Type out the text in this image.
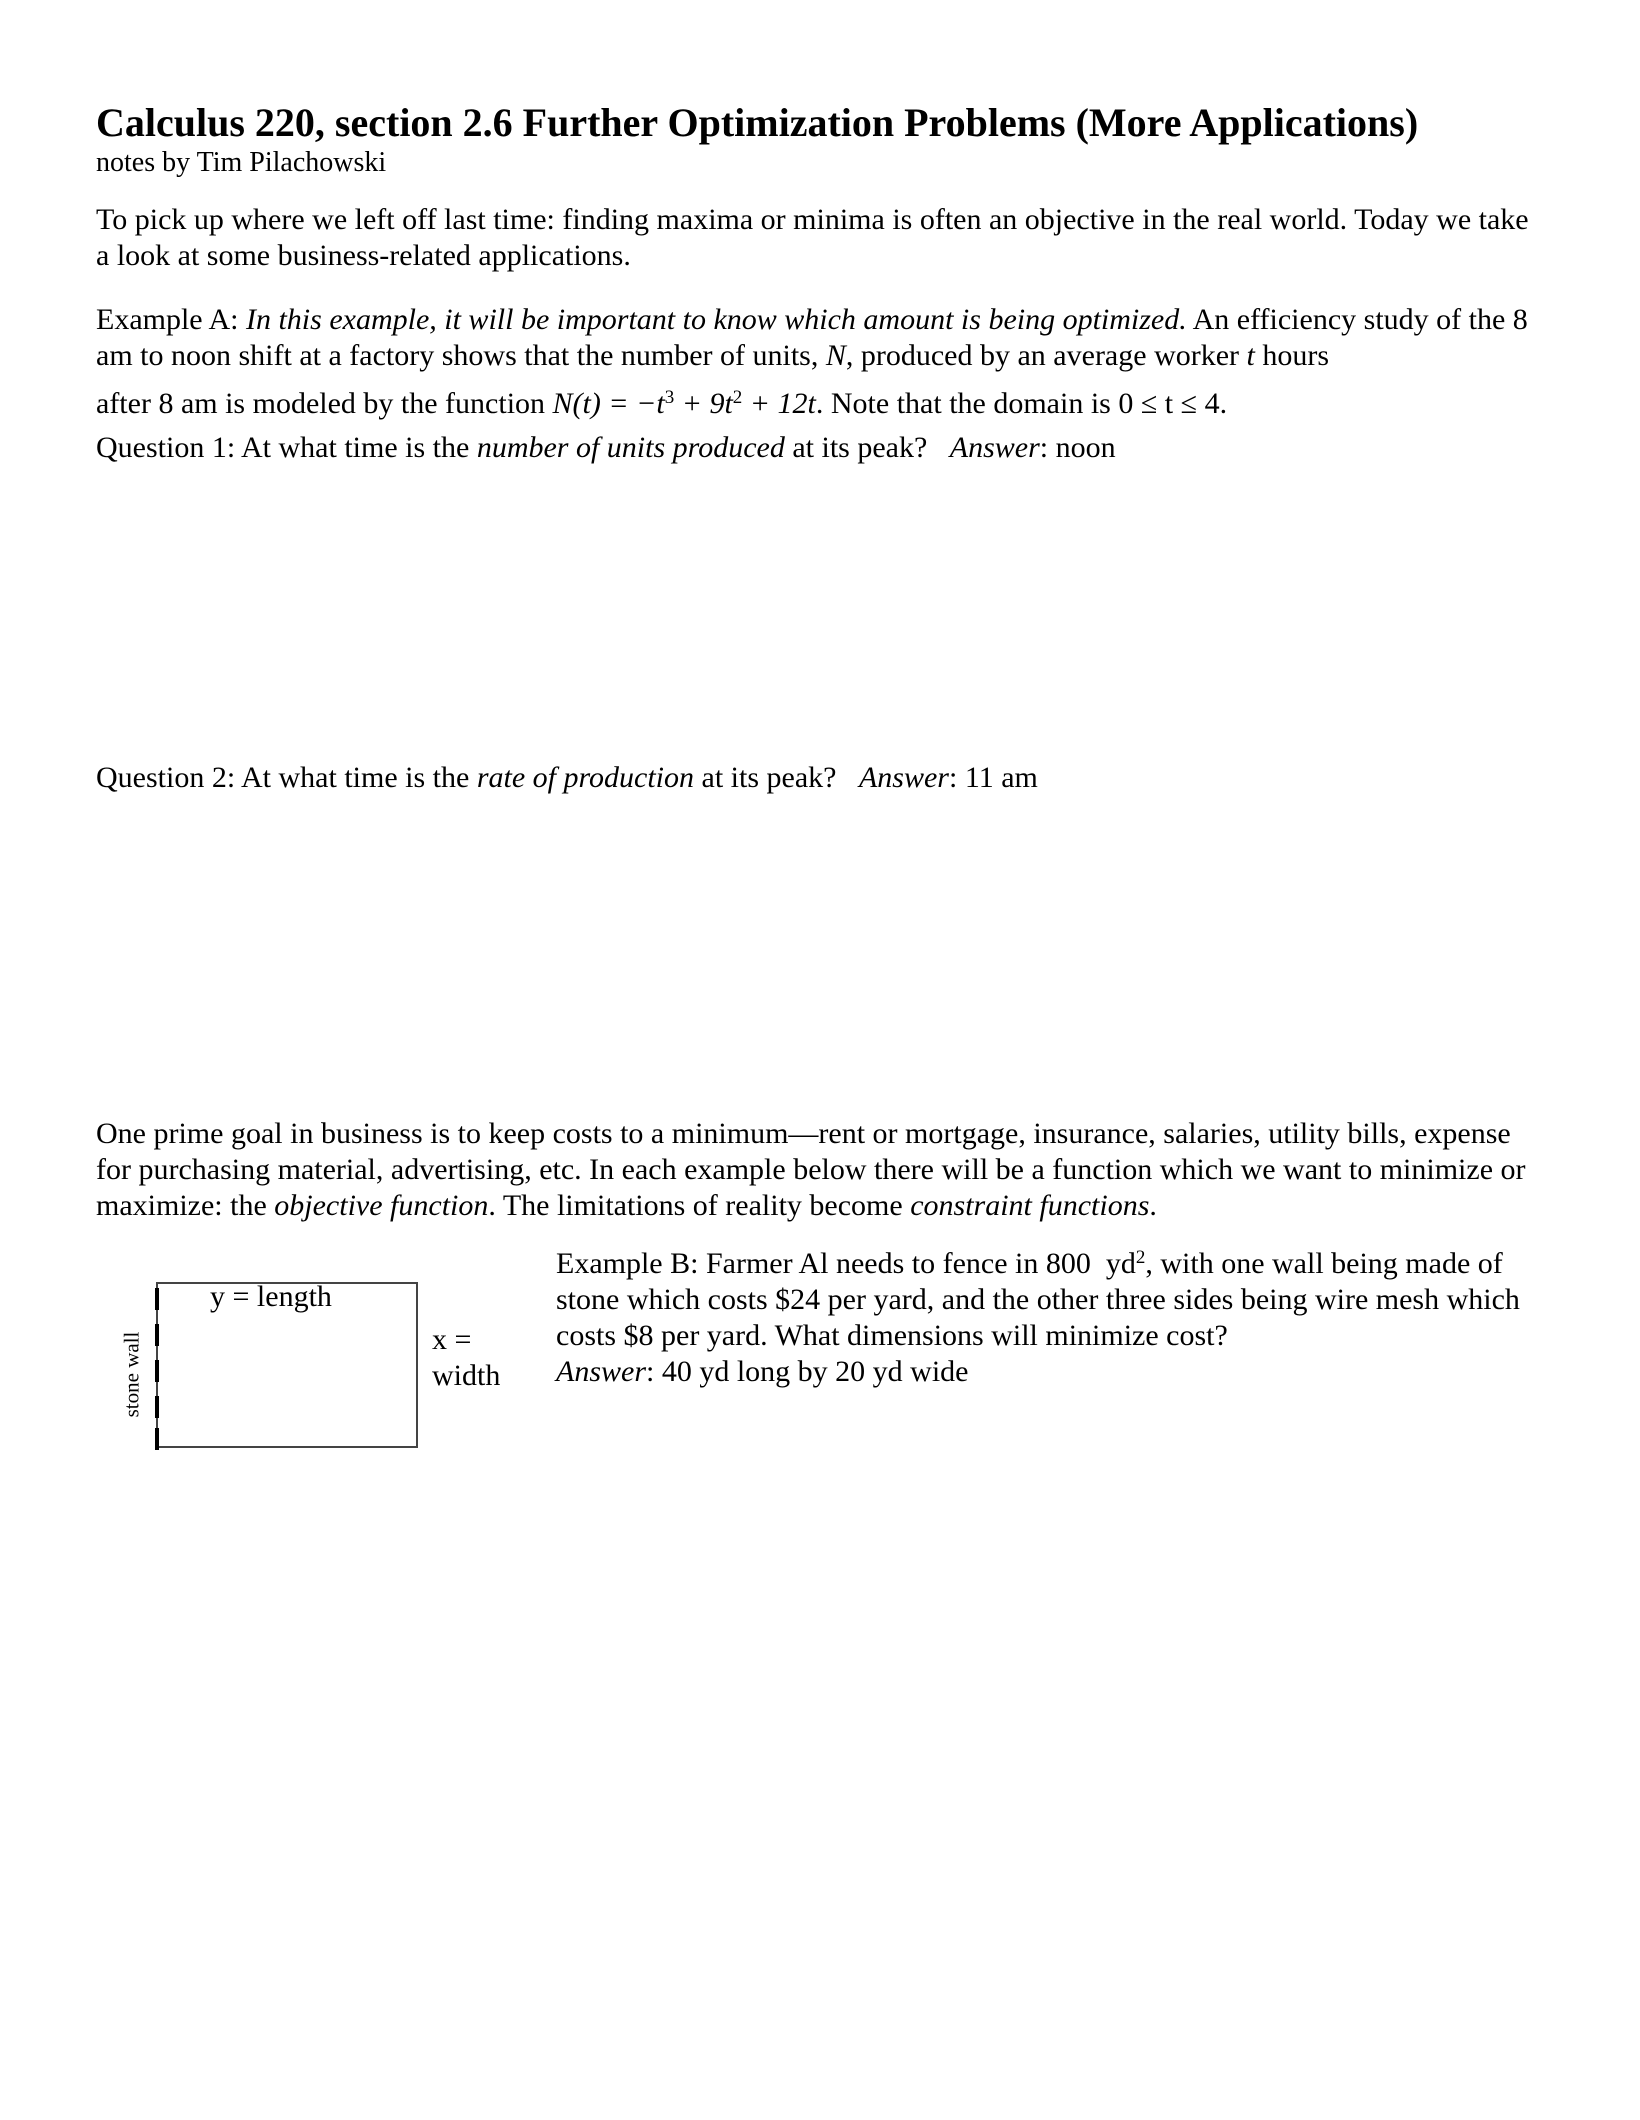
Calculus 220, section 2.6 Further Optimization Problems (More Applications)
notes by Tim Pilachowski

To pick up where we left off last time: finding maxima or minima is often an objective in the real world. Today we take a look at some business-related applications.

Example A: In this example, it will be important to know which amount is being optimized. An efficiency study of the 8 am to noon shift at a factory shows that the number of units, N, produced by an average worker t hours

after 8 am is modeled by the function $N(t) = -t^3 + 9t^2 + 12t$. Note that the domain is 0 ≤ t ≤ 4.
Question 1: At what time is the number of units produced at its peak?   Answer: noon
Question 2: At what time is the rate of production at its peak?   Answer: 11 am

One prime goal in business is to keep costs to a minimum—rent or mortgage, insurance, salaries, utility bills, expense for purchasing material, advertising, etc. In each example below there will be a function which we want to minimize or maximize: the objective function. The limitations of reality become constraint functions.

y = length
x =
width
stone wall
Example B: Farmer Al needs to fence in 800  $yd^2$, with one wall being made of stone which costs $24 per yard, and the other three sides being wire mesh which costs $8 per yard. What dimensions will minimize cost?
Answer: 40 yd long by 20 yd wide
